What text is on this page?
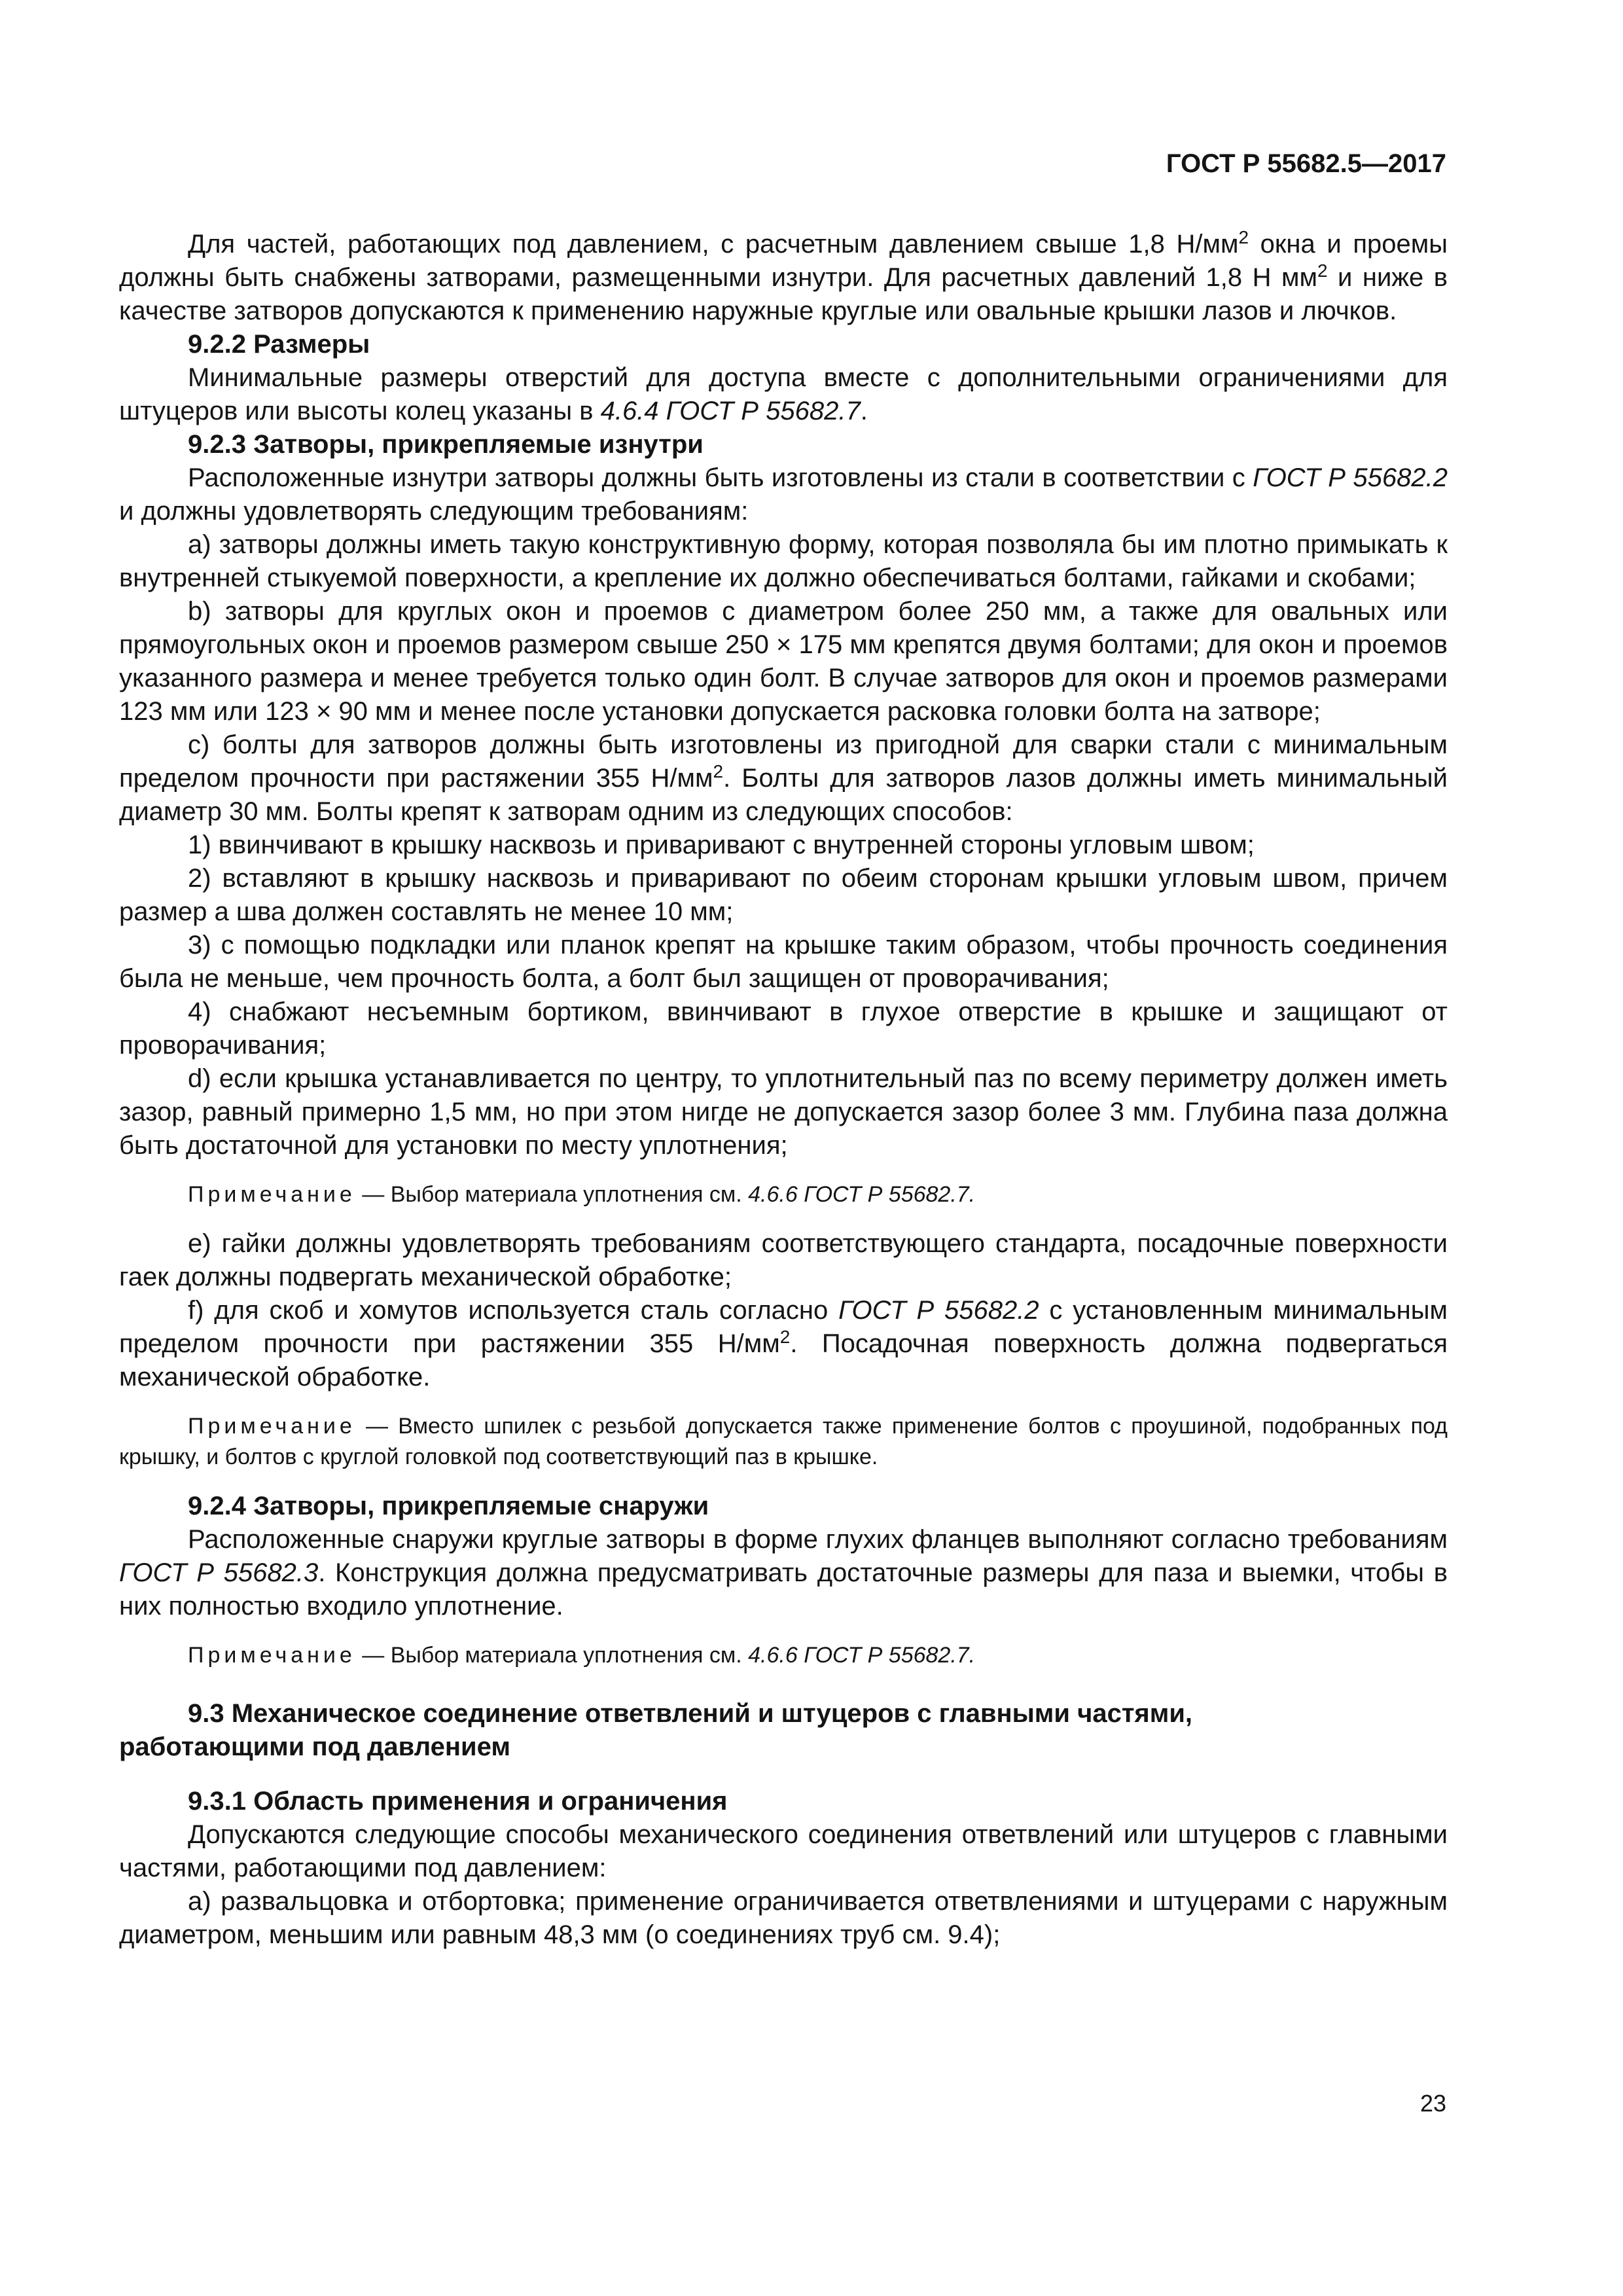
ГОСТ Р 55682.5—2017

Для частей, работающих под давлением, с расчетным давлением свыше 1,8 $Н/мм^2$ окна и проемы должны быть снабжены затворами, размещенными изнутри. Для расчетных давлений 1,8 Н $мм^2$ и ниже в качестве затворов допускаются к применению наружные круглые или овальные крышки лазов и лючков.

9.2.2 Размеры

Минимальные размеры отверстий для доступа вместе с дополнительными ограничениями для штуцеров или высоты колец указаны в 4.6.4 ГОСТ Р 55682.7.

9.2.3 Затворы, прикрепляемые изнутри

Расположенные изнутри затворы должны быть изготовлены из стали в соответствии с ГОСТ Р 55682.2 и должны удовлетворять следующим требованиям:

a) затворы должны иметь такую конструктивную форму, которая позволяла бы им плотно примыкать к внутренней стыкуемой поверхности, а крепление их должно обеспечиваться болтами, гайками и скобами;

b) затворы для круглых окон и проемов с диаметром более 250 мм, а также для овальных или прямоугольных окон и проемов размером свыше 250 × 175 мм крепятся двумя болтами; для окон и проемов указанного размера и менее требуется только один болт. В случае затворов для окон и проемов размерами 123 мм или 123 × 90 мм и менее после установки допускается расковка головки болта на затворе;

c) болты для затворов должны быть изготовлены из пригодной для сварки стали с минимальным пределом прочности при растяжении 355 $Н/мм^2$. Болты для затворов лазов должны иметь минимальный диаметр 30 мм. Болты крепят к затворам одним из следующих способов:

1) ввинчивают в крышку насквозь и приваривают с внутренней стороны угловым швом;

2) вставляют в крышку насквозь и приваривают по обеим сторонам крышки угловым швом, причем размер а шва должен составлять не менее 10 мм;

3) с помощью подкладки или планок крепят на крышке таким образом, чтобы прочность соединения была не меньше, чем прочность болта, а болт был защищен от проворачивания;

4) снабжают несъемным бортиком, ввинчивают в глухое отверстие в крышке и защищают от проворачивания;

d) если крышка устанавливается по центру, то уплотнительный паз по всему периметру должен иметь зазор, равный примерно 1,5 мм, но при этом нигде не допускается зазор более 3 мм. Глубина паза должна быть достаточной для установки по месту уплотнения;

Примечание — Выбор материала уплотнения см. 4.6.6 ГОСТ Р 55682.7.

e) гайки должны удовлетворять требованиям соответствующего стандарта, посадочные поверхности гаек должны подвергать механической обработке;

f) для скоб и хомутов используется сталь согласно ГОСТ Р 55682.2 с установленным минимальным пределом прочности при растяжении 355 $Н/мм^2$. Посадочная поверхность должна подвергаться механической обработке.

Примечание — Вместо шпилек с резьбой допускается также применение болтов с проушиной, подобранных под крышку, и болтов с круглой головкой под соответствующий паз в крышке.

9.2.4 Затворы, прикрепляемые снаружи

Расположенные снаружи круглые затворы в форме глухих фланцев выполняют согласно требованиям ГОСТ Р 55682.3. Конструкция должна предусматривать достаточные размеры для паза и выемки, чтобы в них полностью входило уплотнение.

Примечание — Выбор материала уплотнения см. 4.6.6 ГОСТ Р 55682.7.

9.3 Механическое соединение ответвлений и штуцеров с главными частями,
работающими под давлением

9.3.1 Область применения и ограничения

Допускаются следующие способы механического соединения ответвлений или штуцеров с главными частями, работающими под давлением:

a) развальцовка и отбортовка; применение ограничивается ответвлениями и штуцерами с наружным диаметром, меньшим или равным 48,3 мм (о соединениях труб см. 9.4);

23
